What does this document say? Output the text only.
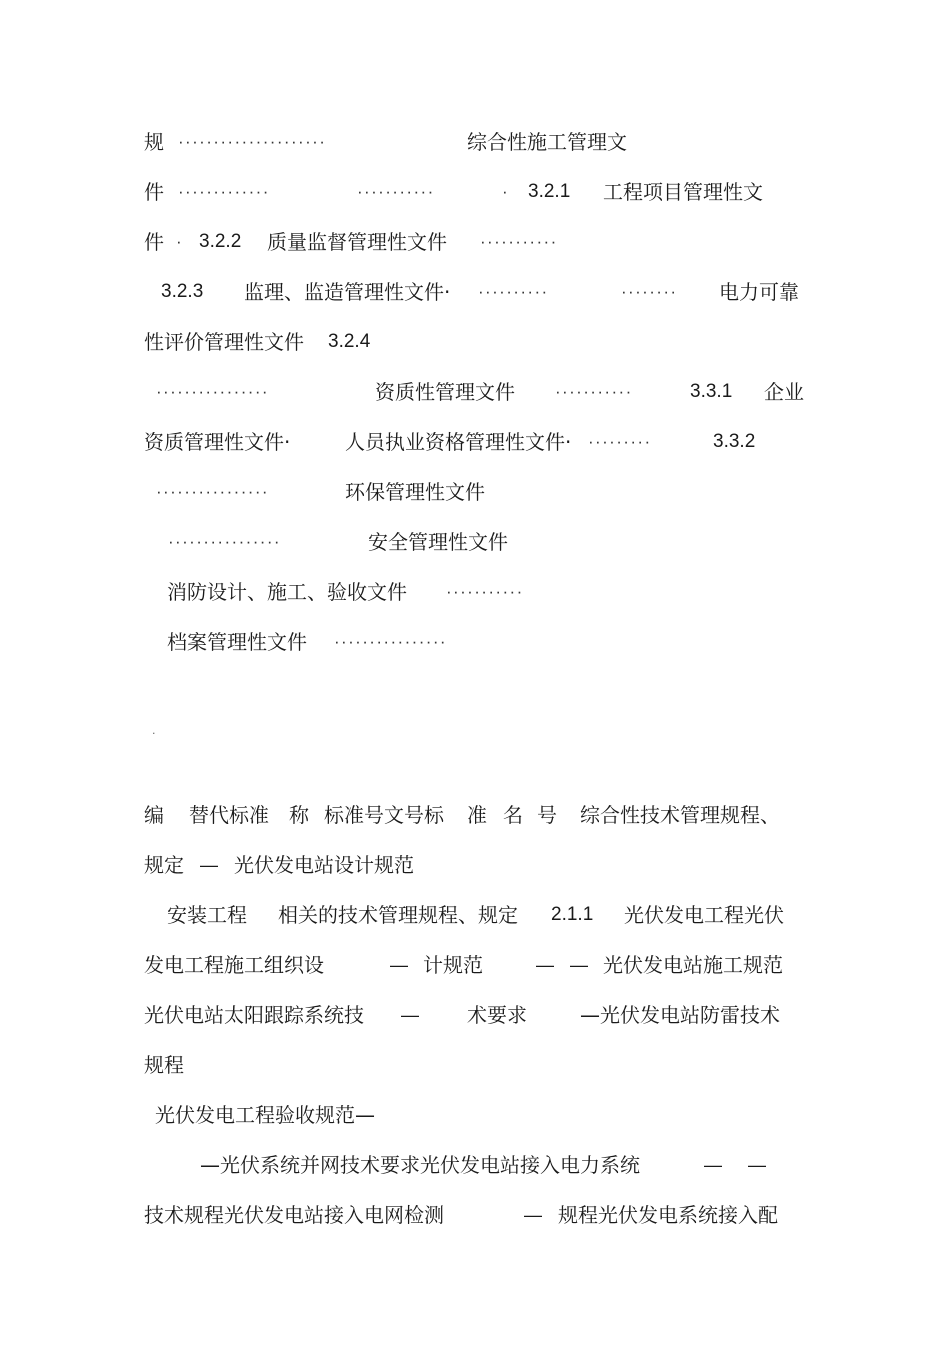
规 ·····················	综合性施工管理文
件 ·············	···········	· 3.2.1 工程项目管理性文
件 · 3.2.2 质量监督管理性文件 ···········
3.2.3 监理、监造管理性文件· ··········	········ 电力可靠
性评价管理性文件 3.2.4
················	资质性管理文件 ···········	3.3.1 企业
资质管理性文件·	人员执业资格管理性文件· ·········	3.3.2
················	环保管理性文件
················	安全管理性文件
消防设计、施工、验收文件 ···········
档案管理性文件 ················
.
编 替代标准 称 标准号文号标 准 名 号 综合性技术管理规程、
规定 — 光伏发电站设计规范
安装工程 相关的技术管理规程、规定 2.1.1 光伏发电工程光伏
发电工程施工组织设	— 计规范	— — 光伏发电站施工规范
光伏电站太阳跟踪系统技 — 术要求	—光伏发电站防雷技术
规程
光伏发电工程验收规范—
—光伏系统并网技术要求光伏发电站接入电力系统	— —
技术规程光伏发电站接入电网检测	— 规程光伏发电系统接入配
